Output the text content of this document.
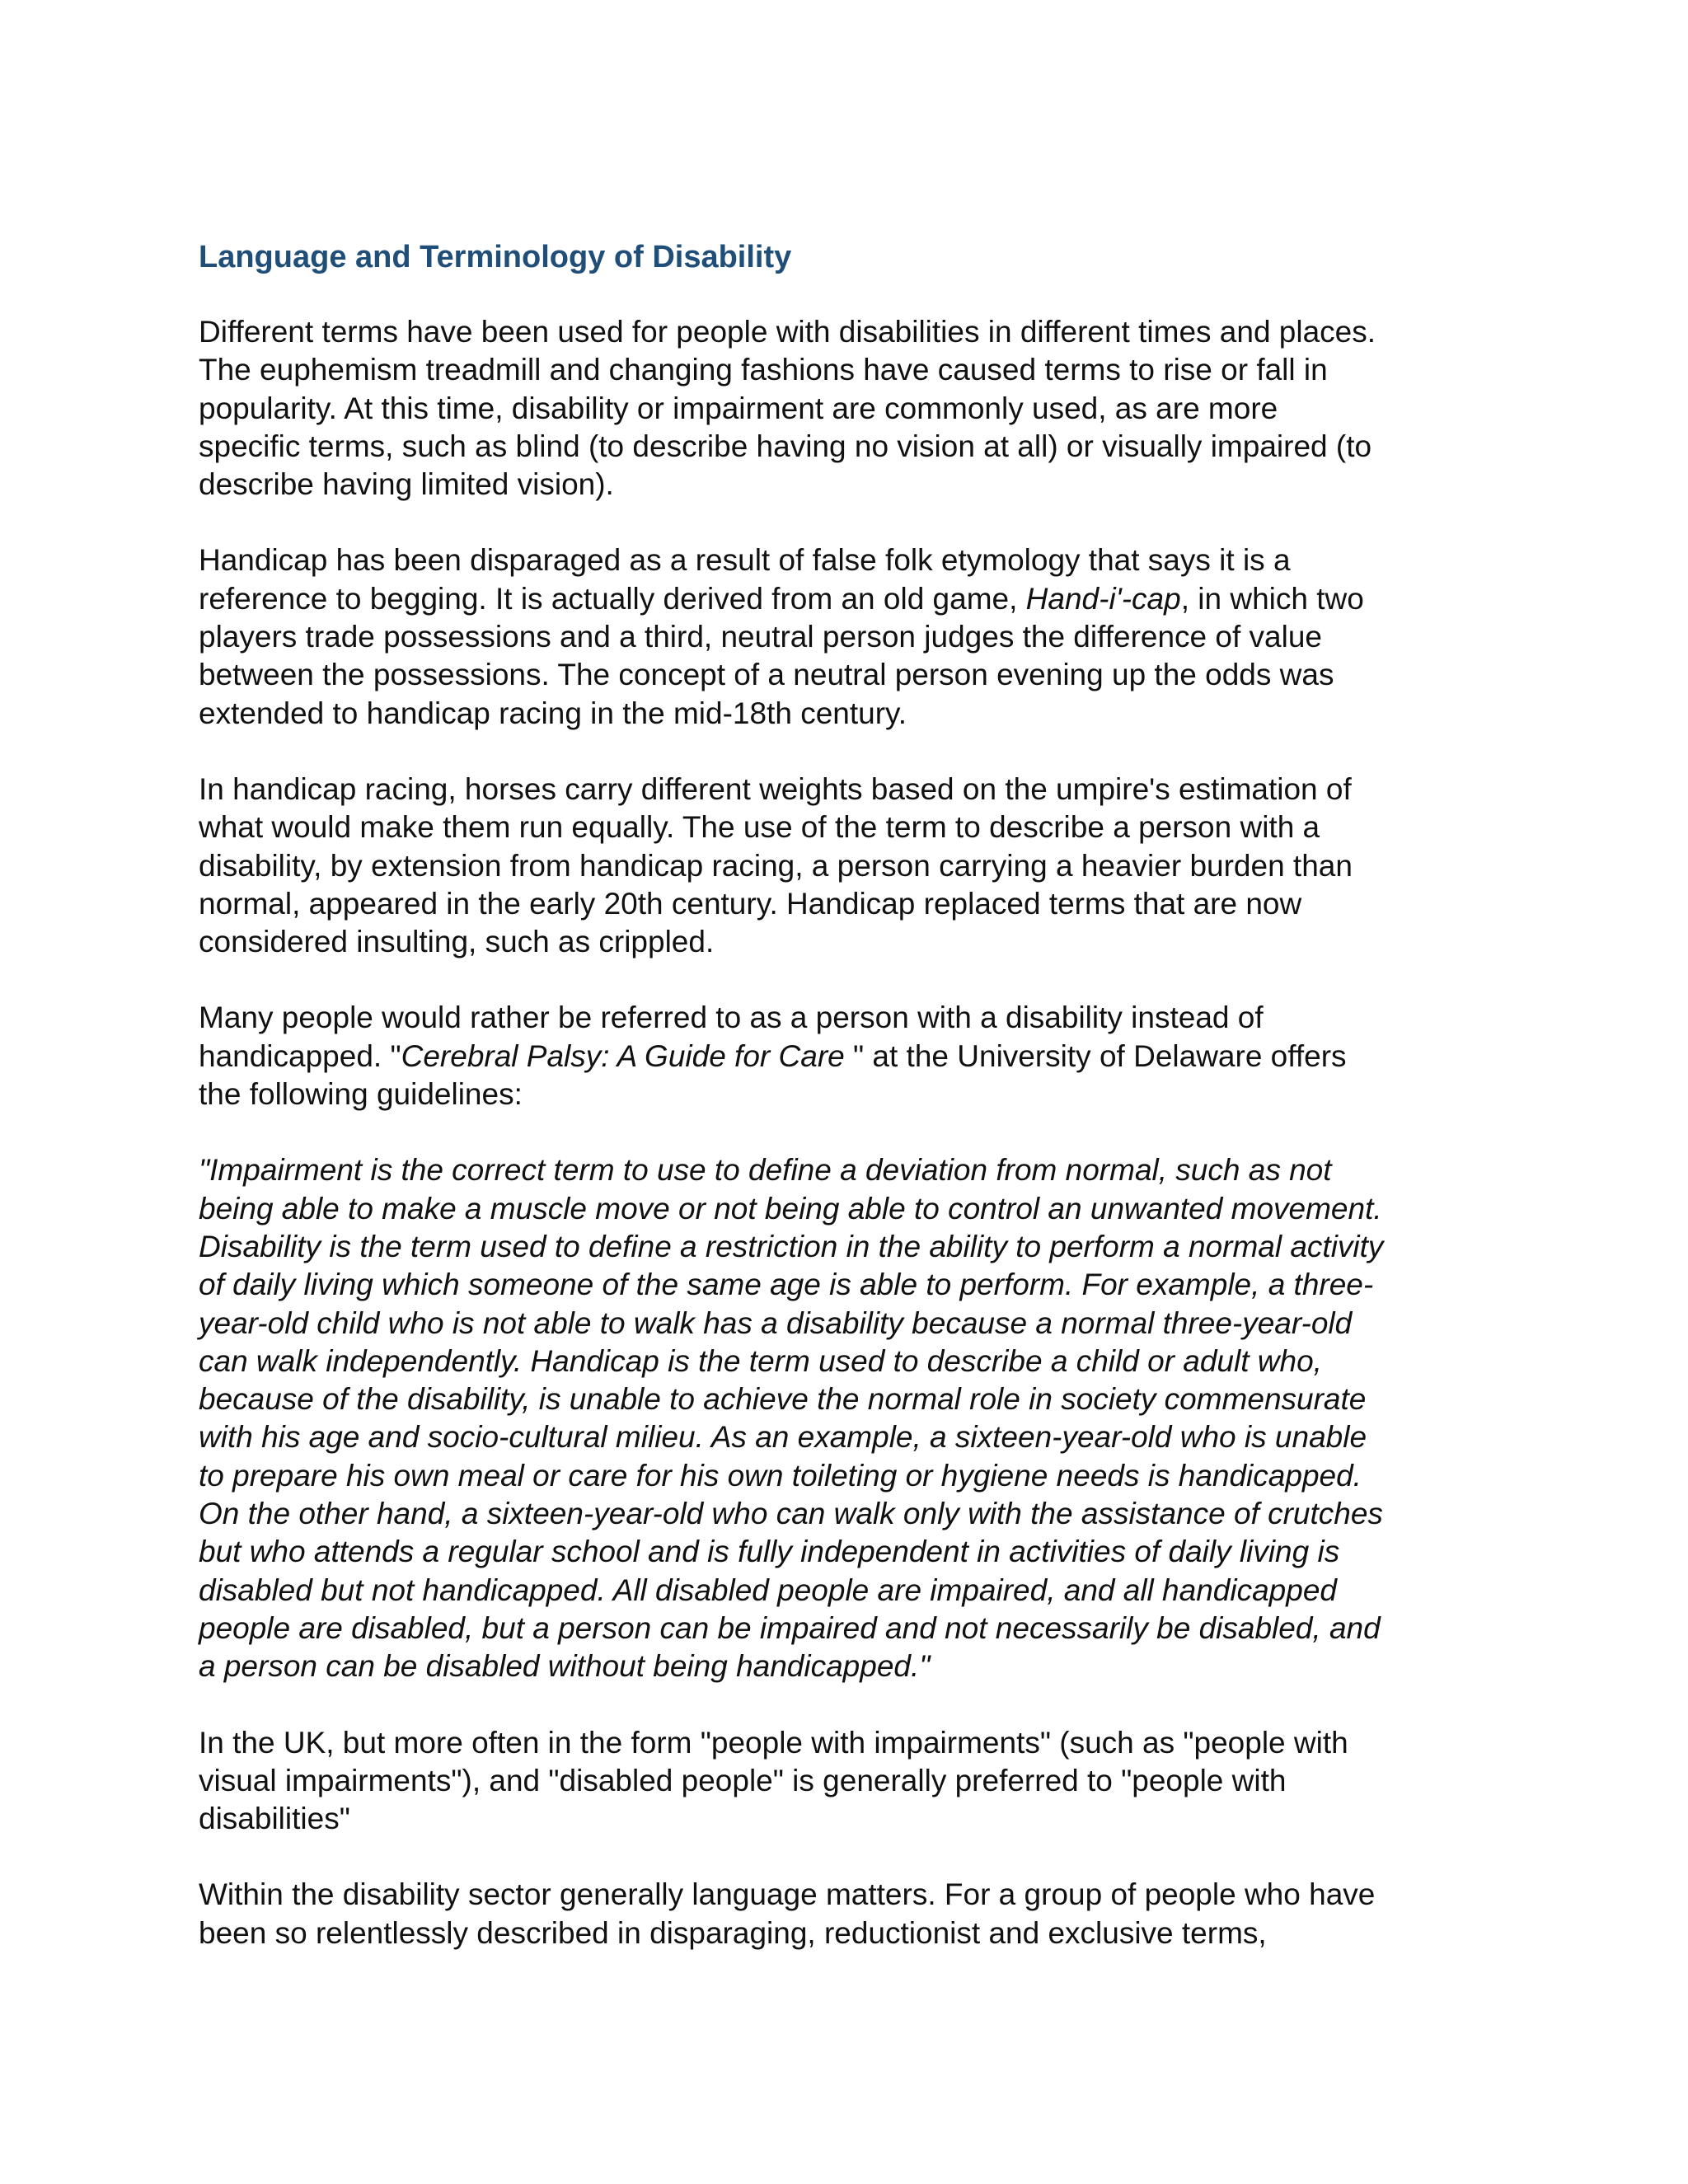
Language and Terminology of Disability
Different terms have been used for people with disabilities in different times and places.
The euphemism treadmill and changing fashions have caused terms to rise or fall in
popularity. At this time, disability or impairment are commonly used, as are more
specific terms, such as blind (to describe having no vision at all) or visually impaired (to
describe having limited vision).
Handicap has been disparaged as a result of false folk etymology that says it is a
reference to begging. It is actually derived from an old game, Hand-i'-cap, in which two
players trade possessions and a third, neutral person judges the difference of value
between the possessions. The concept of a neutral person evening up the odds was
extended to handicap racing in the mid-18th century.
In handicap racing, horses carry different weights based on the umpire's estimation of
what would make them run equally. The use of the term to describe a person with a
disability, by extension from handicap racing, a person carrying a heavier burden than
normal, appeared in the early 20th century. Handicap replaced terms that are now
considered insulting, such as crippled.
Many people would rather be referred to as a person with a disability instead of
handicapped. "Cerebral Palsy: A Guide for Care " at the University of Delaware offers
the following guidelines:
"Impairment is the correct term to use to define a deviation from normal, such as not
being able to make a muscle move or not being able to control an unwanted movement.
Disability is the term used to define a restriction in the ability to perform a normal activity
of daily living which someone of the same age is able to perform. For example, a three-
year-old child who is not able to walk has a disability because a normal three-year-old
can walk independently. Handicap is the term used to describe a child or adult who,
because of the disability, is unable to achieve the normal role in society commensurate
with his age and socio-cultural milieu. As an example, a sixteen-year-old who is unable
to prepare his own meal or care for his own toileting or hygiene needs is handicapped.
On the other hand, a sixteen-year-old who can walk only with the assistance of crutches
but who attends a regular school and is fully independent in activities of daily living is
disabled but not handicapped. All disabled people are impaired, and all handicapped
people are disabled, but a person can be impaired and not necessarily be disabled, and
a person can be disabled without being handicapped."
In the UK, but more often in the form "people with impairments" (such as "people with
visual impairments"), and "disabled people" is generally preferred to "people with
disabilities"
Within the disability sector generally language matters. For a group of people who have
been so relentlessly described in disparaging, reductionist and exclusive terms,
